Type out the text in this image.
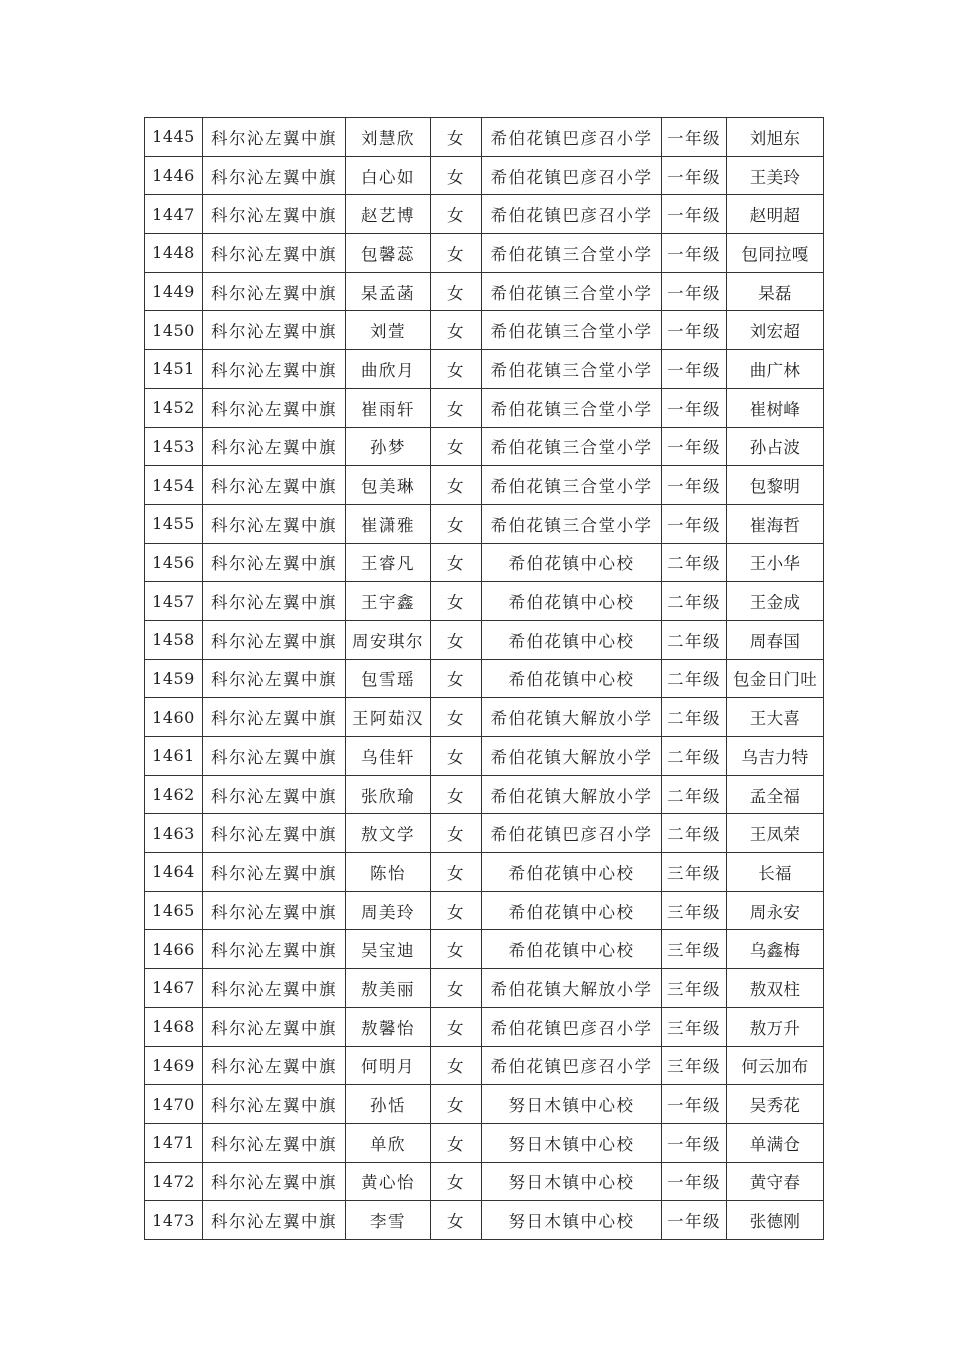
1445	科尔沁左翼中旗	刘慧欣	女	希伯花镇巴彦召小学	一年级	刘旭东
1446	科尔沁左翼中旗	白心如	女	希伯花镇巴彦召小学	一年级	王美玲
1447	科尔沁左翼中旗	赵艺博	女	希伯花镇巴彦召小学	一年级	赵明超
1448	科尔沁左翼中旗	包馨蕊	女	希伯花镇三合堂小学	一年级	包同拉嘎
1449	科尔沁左翼中旗	杲孟菡	女	希伯花镇三合堂小学	一年级	杲磊
1450	科尔沁左翼中旗	刘萱	女	希伯花镇三合堂小学	一年级	刘宏超
1451	科尔沁左翼中旗	曲欣月	女	希伯花镇三合堂小学	一年级	曲广林
1452	科尔沁左翼中旗	崔雨轩	女	希伯花镇三合堂小学	一年级	崔树峰
1453	科尔沁左翼中旗	孙梦	女	希伯花镇三合堂小学	一年级	孙占波
1454	科尔沁左翼中旗	包美琳	女	希伯花镇三合堂小学	一年级	包黎明
1455	科尔沁左翼中旗	崔潇雅	女	希伯花镇三合堂小学	一年级	崔海哲
1456	科尔沁左翼中旗	王睿凡	女	希伯花镇中心校	二年级	王小华
1457	科尔沁左翼中旗	王宇鑫	女	希伯花镇中心校	二年级	王金成
1458	科尔沁左翼中旗	周安琪尔	女	希伯花镇中心校	二年级	周春国
1459	科尔沁左翼中旗	包雪瑶	女	希伯花镇中心校	二年级	包金日门吐
1460	科尔沁左翼中旗	王阿茹汉	女	希伯花镇大解放小学	二年级	王大喜
1461	科尔沁左翼中旗	乌佳轩	女	希伯花镇大解放小学	二年级	乌吉力特
1462	科尔沁左翼中旗	张欣瑜	女	希伯花镇大解放小学	二年级	孟全福
1463	科尔沁左翼中旗	敖文学	女	希伯花镇巴彦召小学	二年级	王凤荣
1464	科尔沁左翼中旗	陈怡	女	希伯花镇中心校	三年级	长福
1465	科尔沁左翼中旗	周美玲	女	希伯花镇中心校	三年级	周永安
1466	科尔沁左翼中旗	吴宝迪	女	希伯花镇中心校	三年级	乌鑫梅
1467	科尔沁左翼中旗	敖美丽	女	希伯花镇大解放小学	三年级	敖双柱
1468	科尔沁左翼中旗	敖馨怡	女	希伯花镇巴彦召小学	三年级	敖万升
1469	科尔沁左翼中旗	何明月	女	希伯花镇巴彦召小学	三年级	何云加布
1470	科尔沁左翼中旗	孙恬	女	努日木镇中心校	一年级	吴秀花
1471	科尔沁左翼中旗	单欣	女	努日木镇中心校	一年级	单满仓
1472	科尔沁左翼中旗	黄心怡	女	努日木镇中心校	一年级	黄守春
1473	科尔沁左翼中旗	李雪	女	努日木镇中心校	一年级	张德刚
